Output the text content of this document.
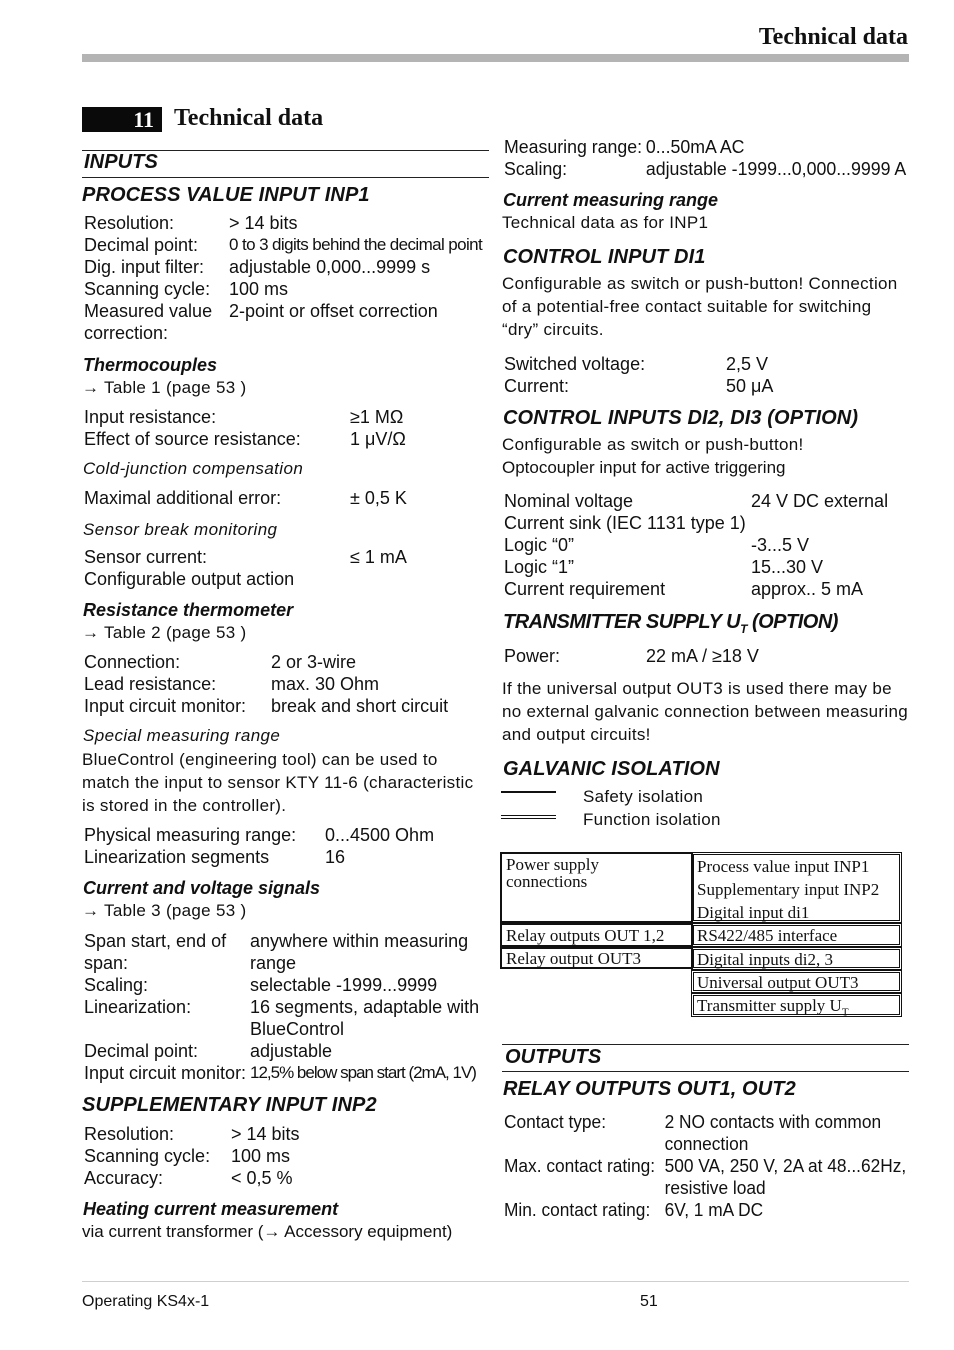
Technical data
11 Technical data
INPUTS
PROCESS VALUE INPUT INP1
Resolution:	> 14 bits
Decimal point: 0 to 3 digits behind the decimal point
Dig. input filter: adjustable 0,000...9999 s
Scanning cycle: 100 ms
Measured value 2-point or offset correction
correction:
Thermocouples
→ Table 1 (page 53 )
Input resistance:	≥1 MΩ
Effect of source resistance:	1 μV/Ω
Cold-junction compensation
Maximal additional error:	± 0,5 K
Sensor break monitoring
Sensor current:	≤ 1 mA
Configurable output action
Resistance thermometer
→ Table 2 (page 53 )
Connection:	2 or 3-wire
Lead resistance:	max. 30 Ohm
Input circuit monitor: break and short circuit
Special measuring range
BlueControl (engineering tool) can be used to match the input to sensor KTY 11-6 (characteristic is stored in the controller).
Physical measuring range: 0...4500 Ohm
Linearization segments	16
Current and voltage signals
→ Table 3 (page 53 )
Span start, end of anywhere within measuring
span:	range
Scaling:	selectable -1999...9999
Linearization:	16 segments, adaptable with
BlueControl
Decimal point:	adjustable
Input circuit monitor: 12,5% below span start (2mA, 1V)
SUPPLEMENTARY INPUT INP2
Resolution:	> 14 bits
Scanning cycle: 100 ms
Accuracy:	< 0,5 %
Heating current measurement
via current transformer (→ Accessory equipment)
Measuring range: 0...50mA AC
Scaling:	adjustable -1999...0,000...9999 A
Current measuring range
Technical data as for INP1
CONTROL INPUT DI1
Configurable as switch or push-button! Connection of a potential-free contact suitable for switching “dry” circuits.
Switched voltage:	2,5 V
Current:	50 μA
CONTROL INPUTS DI2, DI3 (OPTION)
Configurable as switch or push-button!
Optocoupler input for active triggering
Nominal voltage	24 V DC external
Current sink (IEC 1131 type 1)
Logic “0”	-3...5 V
Logic “1”	15...30 V
Current requirement	approx.. 5 mA
TRANSMITTER SUPPLY $U_T$ (OPTION)
Power:	22 mA / ≥18 V
If the universal output OUT3 is used there may be no external galvanic connection between measuring and output circuits!
GALVANIC ISOLATION
Safety isolation
Function isolation
Power supply
connections
Process value input INP1
Supplementary input INP2
Digital input di1
Relay outputs OUT 1,2	RS422/485 interface
Relay output OUT3	Digital inputs di2, 3
Universal output OUT3
Transmitter supply $U_T$
OUTPUTS
RELAY OUTPUTS OUT1, OUT2
Contact type:	2 NO contacts with common
connection
Max. contact rating: 500 VA, 250 V, 2A at 48...62Hz,
resistive load
Min. contact rating: 6V, 1 mA DC
Operating KS4x-1	51
